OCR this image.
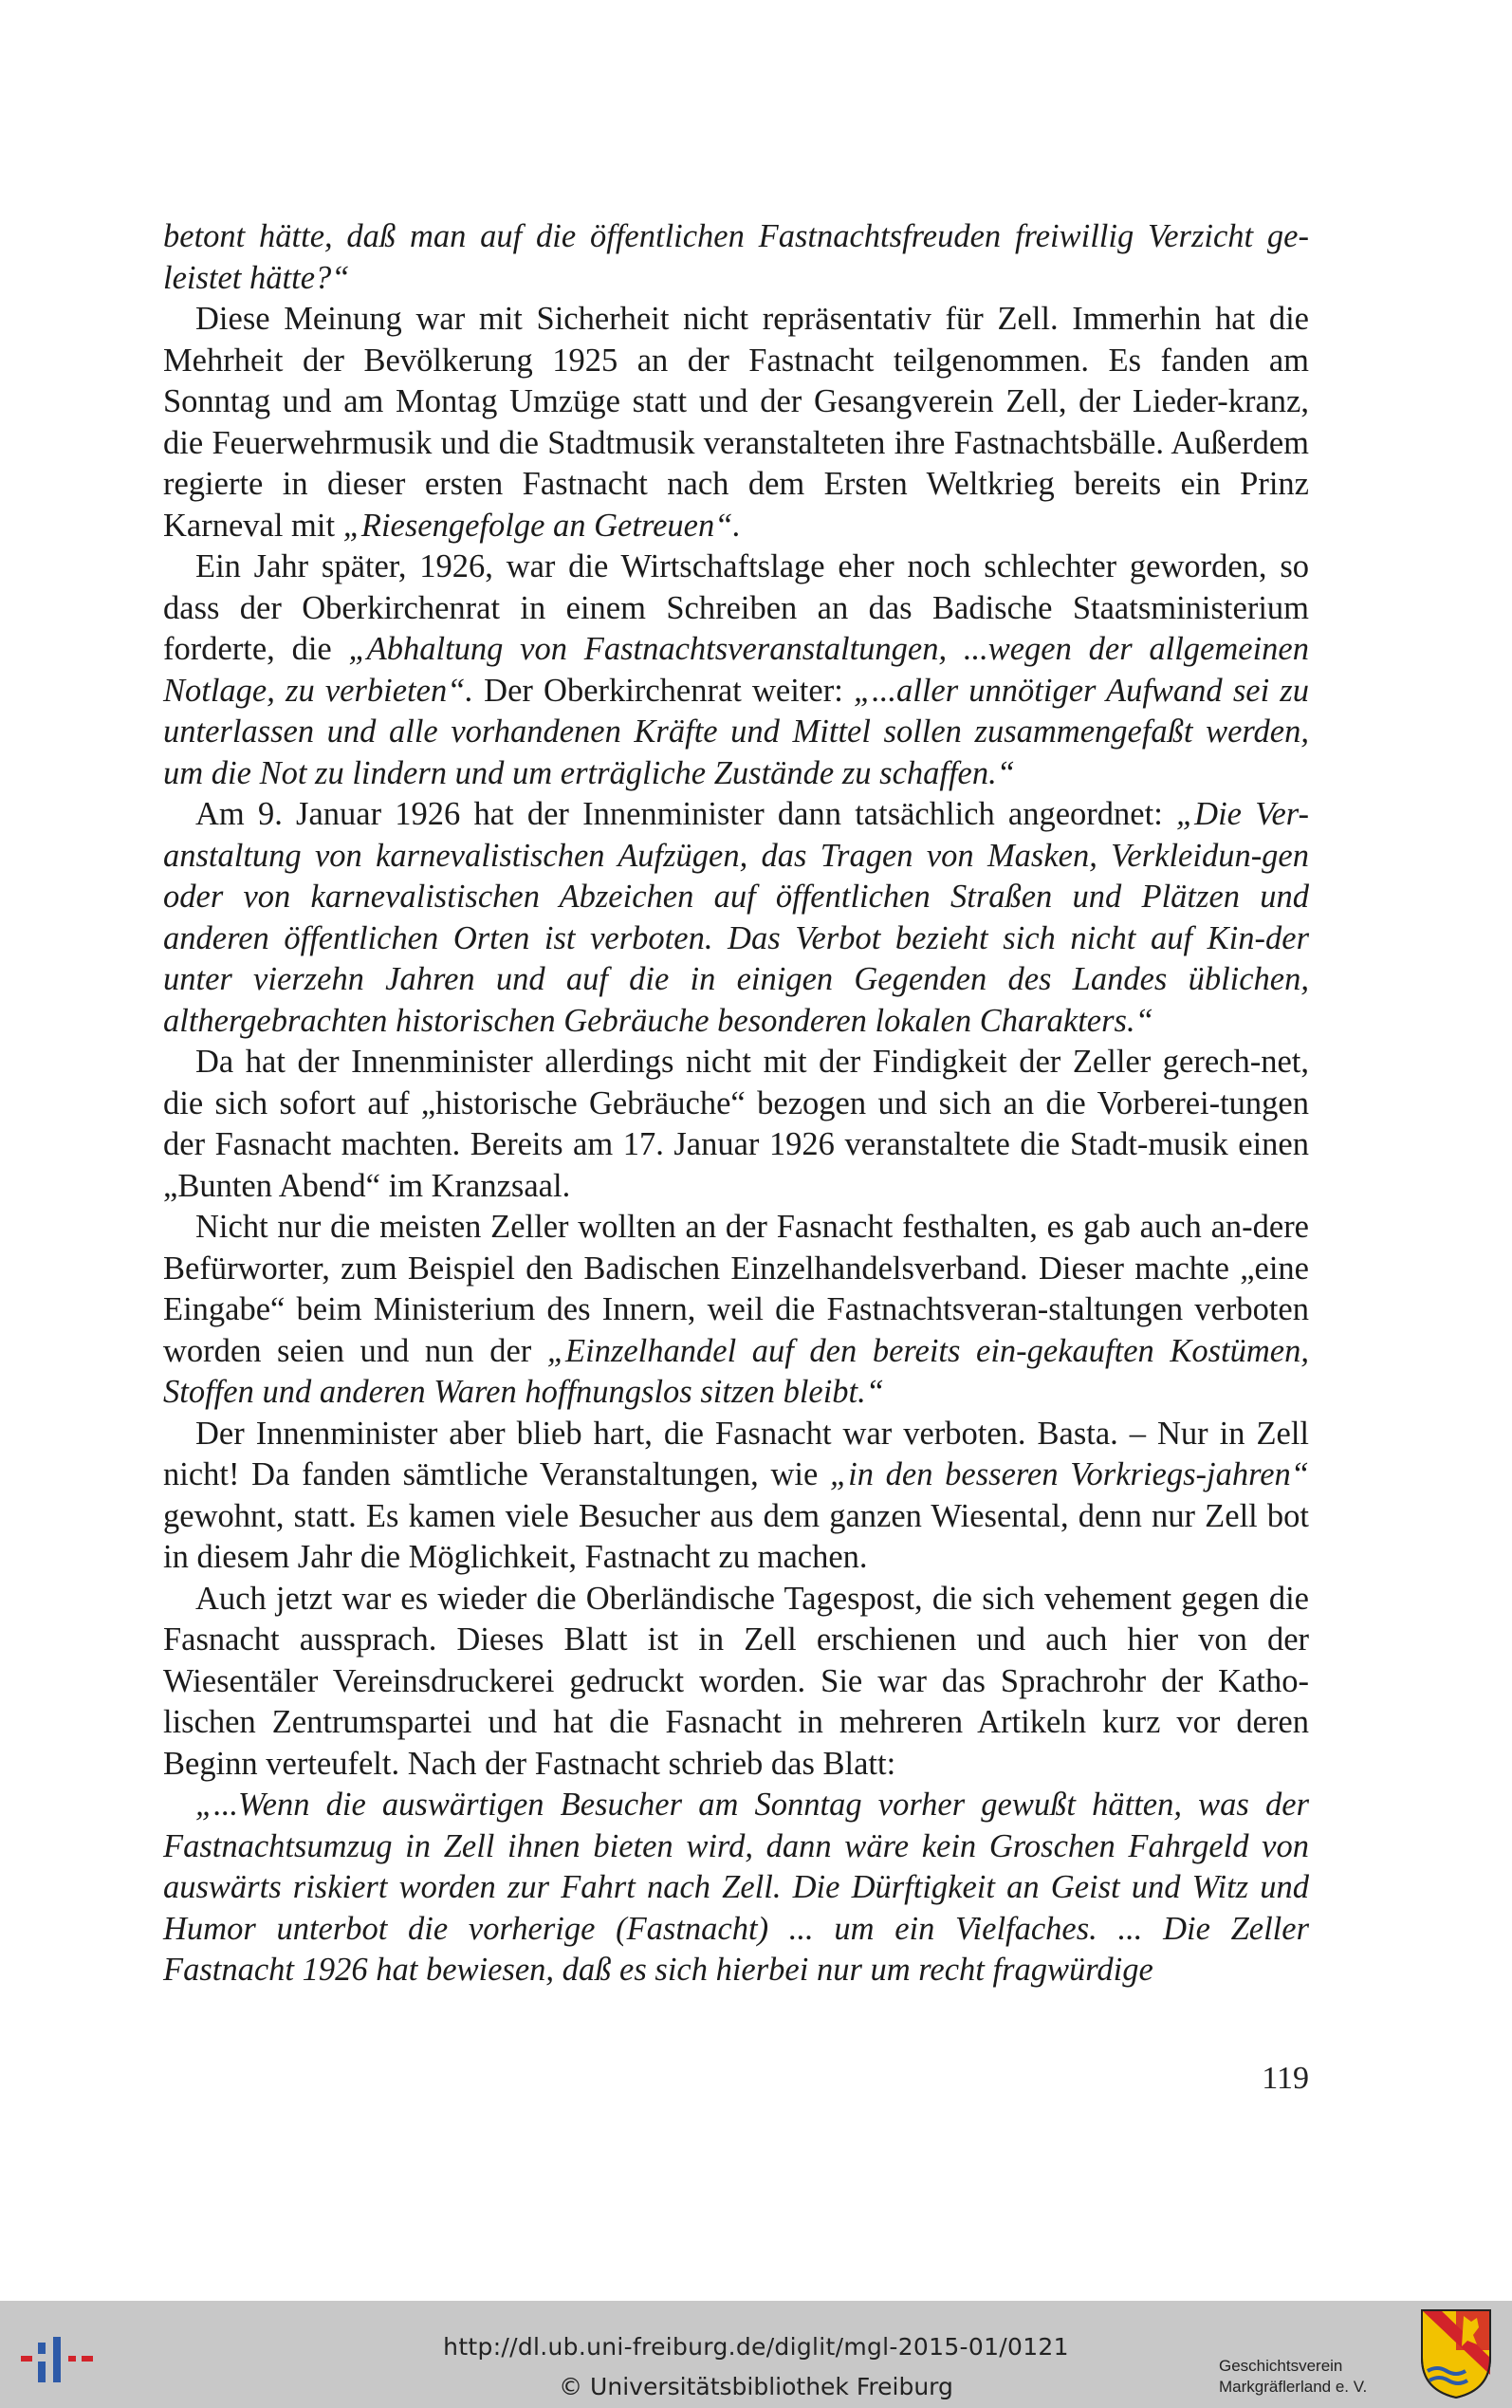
betont hätte, daß man auf die öffentlichen Fastnachtsfreuden freiwillig Verzicht ge-leistet hätte?“

Diese Meinung war mit Sicherheit nicht repräsentativ für Zell. Immerhin hat die Mehrheit der Bevölkerung 1925 an der Fastnacht teilgenommen. Es fanden am Sonntag und am Montag Umzüge statt und der Gesangverein Zell, der Lieder-kranz, die Feuerwehrmusik und die Stadtmusik veranstalteten ihre Fastnachtsbälle. Außerdem regierte in dieser ersten Fastnacht nach dem Ersten Weltkrieg bereits ein Prinz Karneval mit „Riesengefolge an Getreuen“.

Ein Jahr später, 1926, war die Wirtschaftslage eher noch schlechter geworden, so dass der Oberkirchenrat in einem Schreiben an das Badische Staatsministerium forderte, die „Abhaltung von Fastnachtsveranstaltungen, ...wegen der allgemeinen Notlage, zu verbieten“. Der Oberkirchenrat weiter: „...aller unnötiger Aufwand sei zu unterlassen und alle vorhandenen Kräfte und Mittel sollen zusammengefaßt werden, um die Not zu lindern und um erträgliche Zustände zu schaffen.“

Am 9. Januar 1926 hat der Innenminister dann tatsächlich angeordnet: „Die Ver-anstaltung von karnevalistischen Aufzügen, das Tragen von Masken, Verkleidun-gen oder von karnevalistischen Abzeichen auf öffentlichen Straßen und Plätzen und anderen öffentlichen Orten ist verboten. Das Verbot bezieht sich nicht auf Kin-der unter vierzehn Jahren und auf die in einigen Gegenden des Landes üblichen, althergebrachten historischen Gebräuche besonderen lokalen Charakters.“

Da hat der Innenminister allerdings nicht mit der Findigkeit der Zeller gerech-net, die sich sofort auf „historische Gebräuche“ bezogen und sich an die Vorberei-tungen der Fasnacht machten. Bereits am 17. Januar 1926 veranstaltete die Stadt-musik einen „Bunten Abend“ im Kranzsaal.

Nicht nur die meisten Zeller wollten an der Fasnacht festhalten, es gab auch an-dere Befürworter, zum Beispiel den Badischen Einzelhandelsverband. Dieser machte „eine Eingabe“ beim Ministerium des Innern, weil die Fastnachtsveran-staltungen verboten worden seien und nun der „Einzelhandel auf den bereits ein-gekauften Kostümen, Stoffen und anderen Waren hoffnungslos sitzen bleibt.“

Der Innenminister aber blieb hart, die Fasnacht war verboten. Basta. – Nur in Zell nicht! Da fanden sämtliche Veranstaltungen, wie „in den besseren Vorkriegs-jahren“ gewohnt, statt. Es kamen viele Besucher aus dem ganzen Wiesental, denn nur Zell bot in diesem Jahr die Möglichkeit, Fastnacht zu machen.

Auch jetzt war es wieder die Oberländische Tagespost, die sich vehement gegen die Fasnacht aussprach. Dieses Blatt ist in Zell erschienen und auch hier von der Wiesentäler Vereinsdruckerei gedruckt worden. Sie war das Sprachrohr der Katho-lischen Zentrumspartei und hat die Fasnacht in mehreren Artikeln kurz vor deren Beginn verteufelt. Nach der Fastnacht schrieb das Blatt:

„...Wenn die auswärtigen Besucher am Sonntag vorher gewußt hätten, was der Fastnachtsumzug in Zell ihnen bieten wird, dann wäre kein Groschen Fahrgeld von auswärts riskiert worden zur Fahrt nach Zell. Die Dürftigkeit an Geist und Witz und Humor unterbot die vorherige (Fastnacht) ... um ein Vielfaches. ... Die Zeller Fastnacht 1926 hat bewiesen, daß es sich hierbei nur um recht fragwürdige

119
http://dl.ub.uni-freiburg.de/diglit/mgl-2015-01/0121
© Universitätsbibliothek Freiburg
Geschichtsverein
Markgräflerland e. V.
